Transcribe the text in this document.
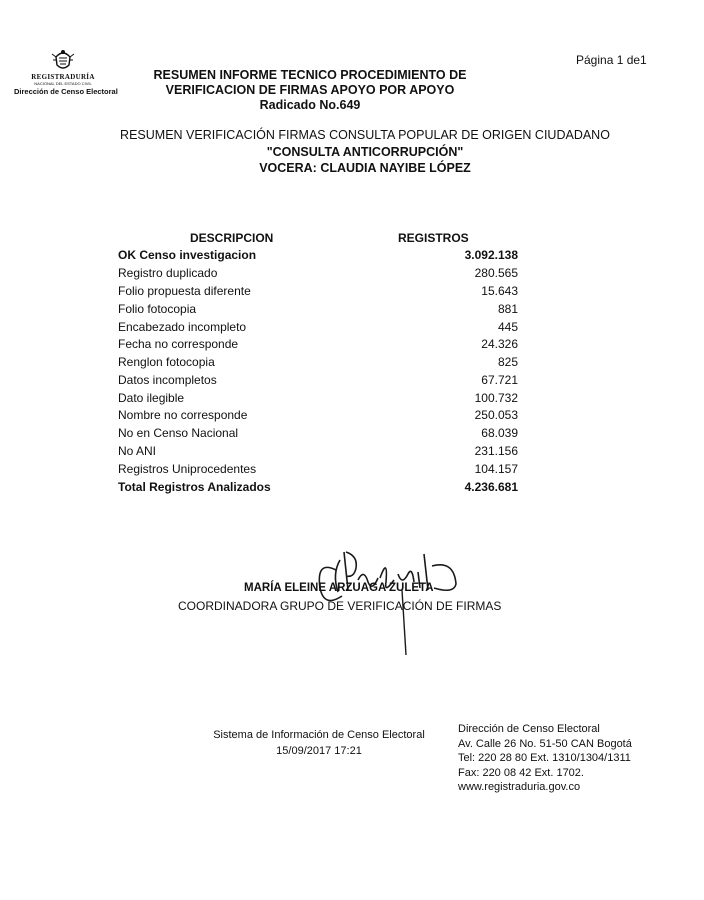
REGISTRADURÍA
NACIONAL DEL ESTADO CIVIL
Dirección de Censo Electoral
Página 1 de1
RESUMEN INFORME TECNICO PROCEDIMIENTO DE
VERIFICACION DE FIRMAS APOYO POR APOYO
Radicado No.649
RESUMEN VERIFICACIÓN FIRMAS CONSULTA POPULAR DE ORIGEN CIUDADANO
"CONSULTA ANTICORRUPCIÓN"
VOCERA: CLAUDIA NAYIBE LÓPEZ
DESCRIPCION	REGISTROS
OK Censo investigacion	3.092.138
Registro duplicado	280.565
Folio propuesta diferente	15.643
Folio fotocopia	881
Encabezado incompleto	445
Fecha no corresponde	24.326
Renglon fotocopia	825
Datos incompletos	67.721
Dato ilegible	100.732
Nombre no corresponde	250.053
No en Censo Nacional	68.039
No ANI	231.156
Registros Uniprocedentes	104.157
Total Registros Analizados	4.236.681
MARÍA ELEINE ARZUAGA ZULETA
COORDINADORA GRUPO DE VERIFICACIÓN DE FIRMAS
Sistema de Información de Censo Electoral
15/09/2017 17:21
Dirección de Censo Electoral
Av. Calle 26 No. 51-50 CAN Bogotá
Tel: 220 28 80 Ext. 1310/1304/1311
Fax: 220 08 42 Ext. 1702.
www.registraduria.gov.co
